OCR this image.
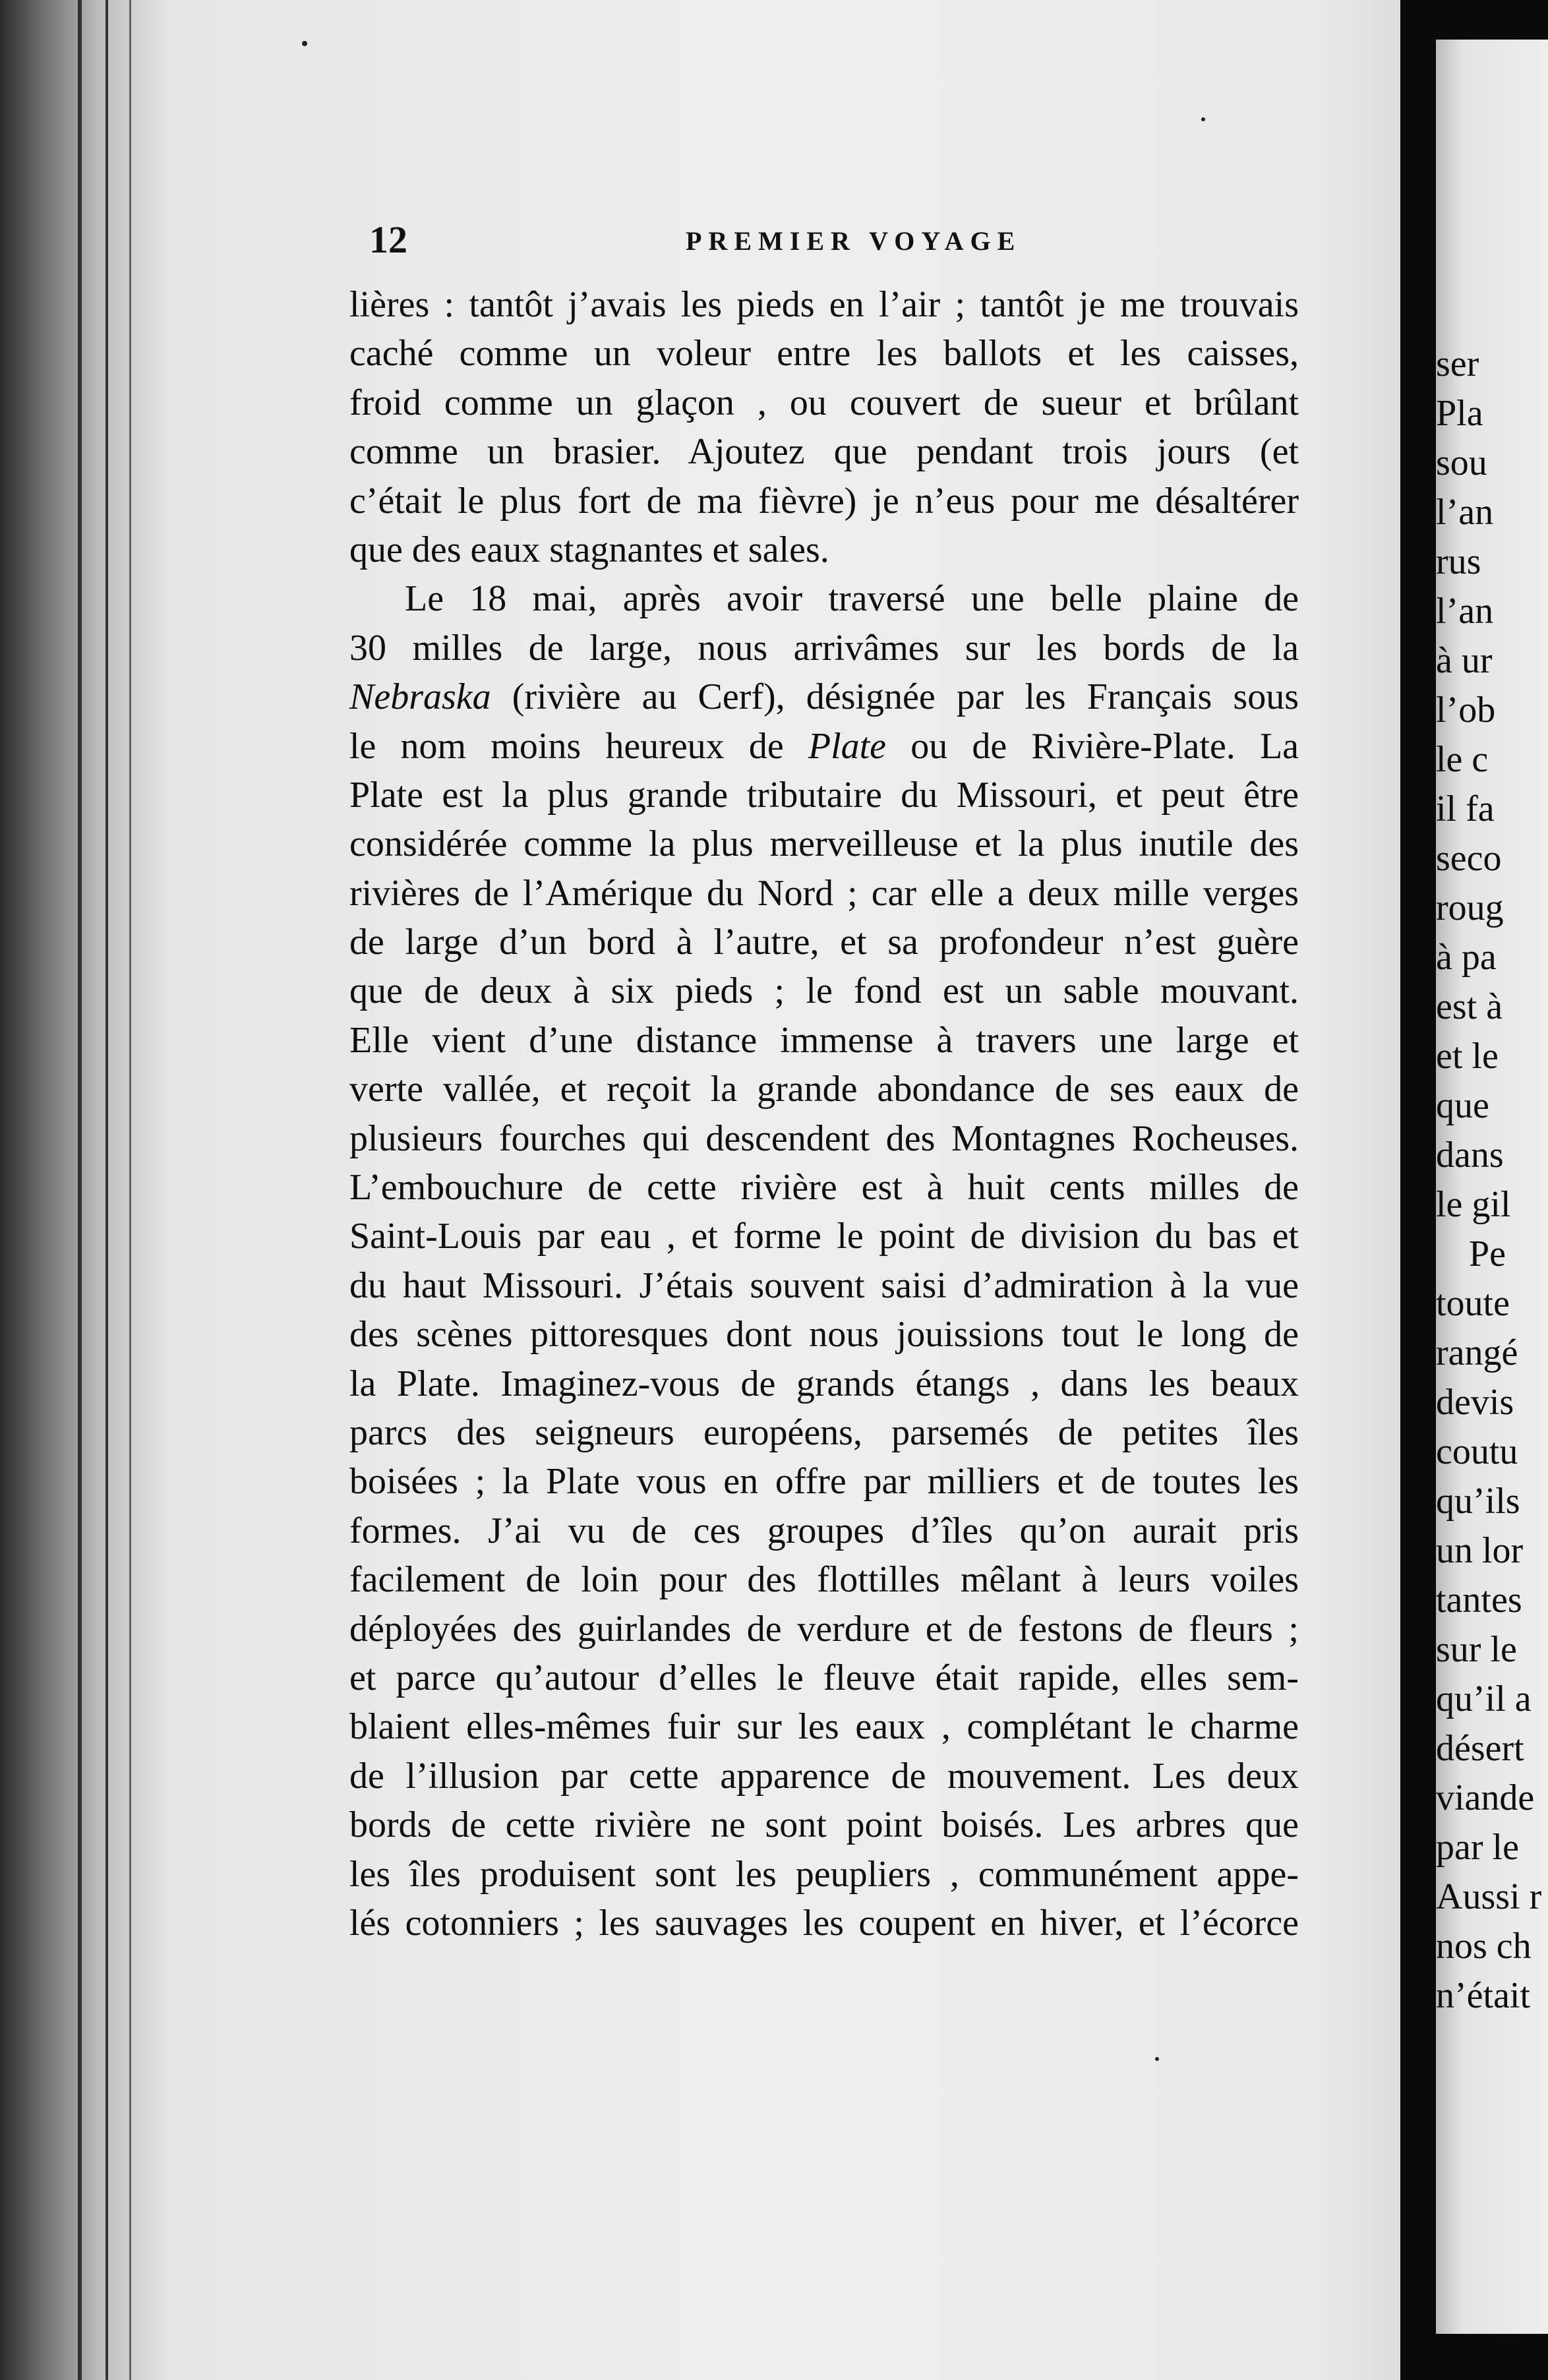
12	PREMIER VOYAGE
lières : tantôt j’avais les pieds en l’air ; tantôt je me trouvais
caché comme un voleur entre les ballots et les caisses,
froid comme un glaçon , ou couvert de sueur et brûlant
comme un brasier. Ajoutez que pendant trois jours (et
c’était le plus fort de ma fièvre) je n’eus pour me désaltérer
que des eaux stagnantes et sales.
Le 18 mai, après avoir traversé une belle plaine de
30 milles de large, nous arrivâmes sur les bords de la
Nebraska (rivière au Cerf), désignée par les Français sous
le nom moins heureux de Plate ou de Rivière-Plate. La
Plate est la plus grande tributaire du Missouri, et peut être
considérée comme la plus merveilleuse et la plus inutile des
rivières de l’Amérique du Nord ; car elle a deux mille verges
de large d’un bord à l’autre, et sa profondeur n’est guère
que de deux à six pieds ; le fond est un sable mouvant.
Elle vient d’une distance immense à travers une large et
verte vallée, et reçoit la grande abondance de ses eaux de
plusieurs fourches qui descendent des Montagnes Rocheuses.
L’embouchure de cette rivière est à huit cents milles de
Saint-Louis par eau , et forme le point de division du bas et
du haut Missouri. J’étais souvent saisi d’admiration à la vue
des scènes pittoresques dont nous jouissions tout le long de
la Plate. Imaginez-vous de grands étangs , dans les beaux
parcs des seigneurs européens, parsemés de petites îles
boisées ; la Plate vous en offre par milliers et de toutes les
formes. J’ai vu de ces groupes d’îles qu’on aurait pris
facilement de loin pour des flottilles mêlant à leurs voiles
déployées des guirlandes de verdure et de festons de fleurs ;
et parce qu’autour d’elles le fleuve était rapide, elles sem-
blaient elles-mêmes fuir sur les eaux , complétant le charme
de l’illusion par cette apparence de mouvement. Les deux
bords de cette rivière ne sont point boisés. Les arbres que
les îles produisent sont les peupliers , communément appe-
lés cotonniers ; les sauvages les coupent en hiver, et l’écorce
ser
Pla
sou
l’an
rus
l’an
à ur
l’ob
le c
il fa
seco
roug
à pa
est à
et le
que
dans
le gil
Pe
toute
rangé
devis
coutu
qu’ils
un lor
tantes
sur le
qu’il a
désert
viande
par le
Aussi r
nos ch
n’était
